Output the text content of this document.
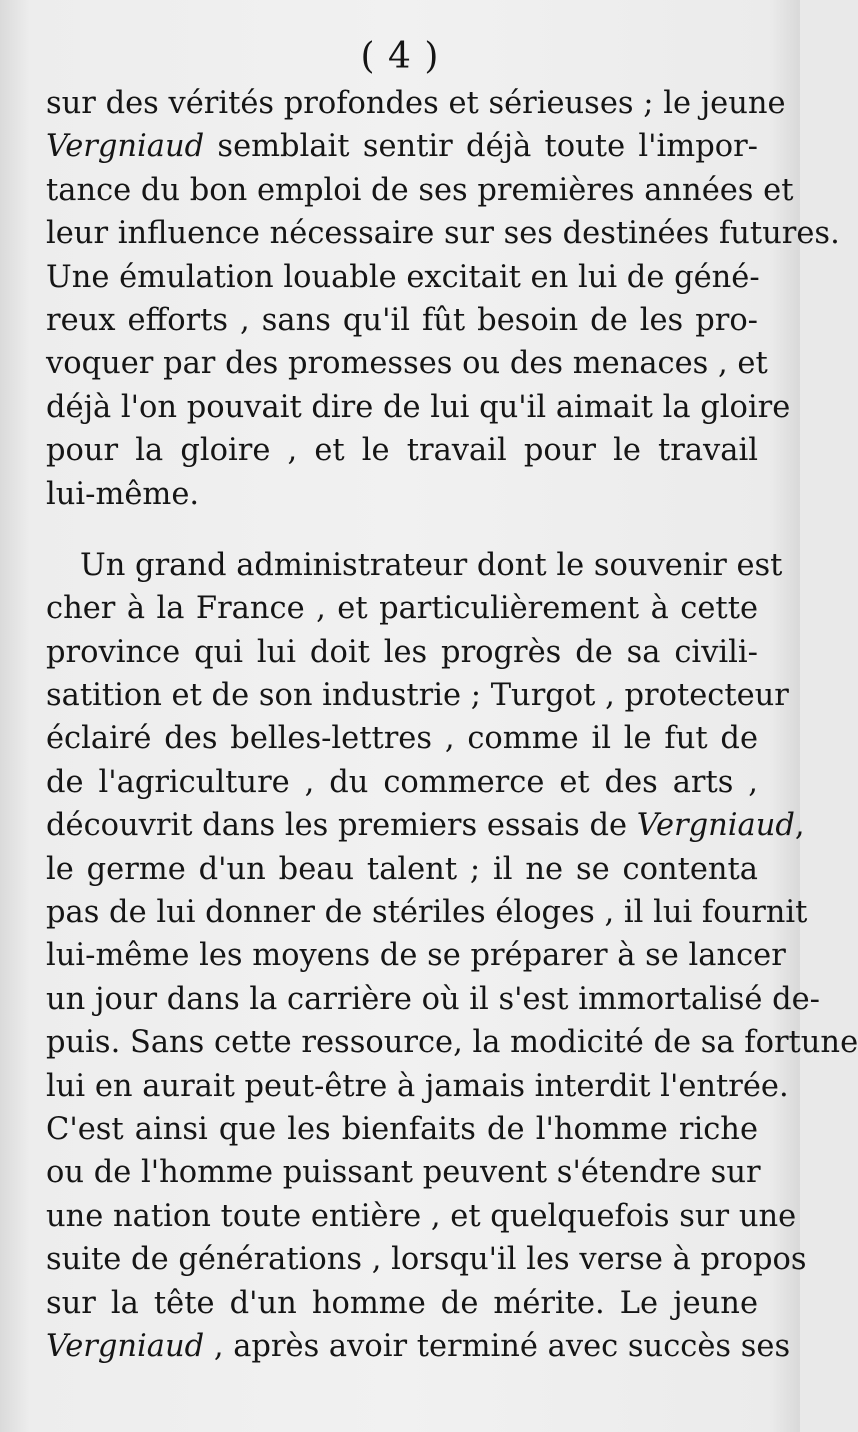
( 4 )
sur des vérités profondes et sérieuses ; le jeune
Vergniaud semblait sentir déjà toute l'impor-
tance du bon emploi de ses premières années et
leur influence nécessaire sur ses destinées futures.
Une émulation louable excitait en lui de géné-
reux efforts , sans qu'il fût besoin de les pro-
voquer par des promesses ou des menaces , et
déjà l'on pouvait dire de lui qu'il aimait la gloire
pour la gloire , et le travail pour le travail
lui-même.
Un grand administrateur dont le souvenir est
cher à la France , et particulièrement à cette
province qui lui doit les progrès de sa civili-
satition et de son industrie ; Turgot , protecteur
éclairé des belles-lettres , comme il le fut de
de l'agriculture , du commerce et des arts ,
découvrit dans les premiers essais de Vergniaud,
le germe d'un beau talent ; il ne se contenta
pas de lui donner de stériles éloges , il lui fournit
lui-même les moyens de se préparer à se lancer
un jour dans la carrière où il s'est immortalisé de-
puis. Sans cette ressource, la modicité de sa fortune
lui en aurait peut-être à jamais interdit l'entrée.
C'est ainsi que les bienfaits de l'homme riche
ou de l'homme puissant peuvent s'étendre sur
une nation toute entière , et quelquefois sur une
suite de générations , lorsqu'il les verse à propos
sur la tête d'un homme de mérite. Le jeune
Vergniaud , après avoir terminé avec succès ses
